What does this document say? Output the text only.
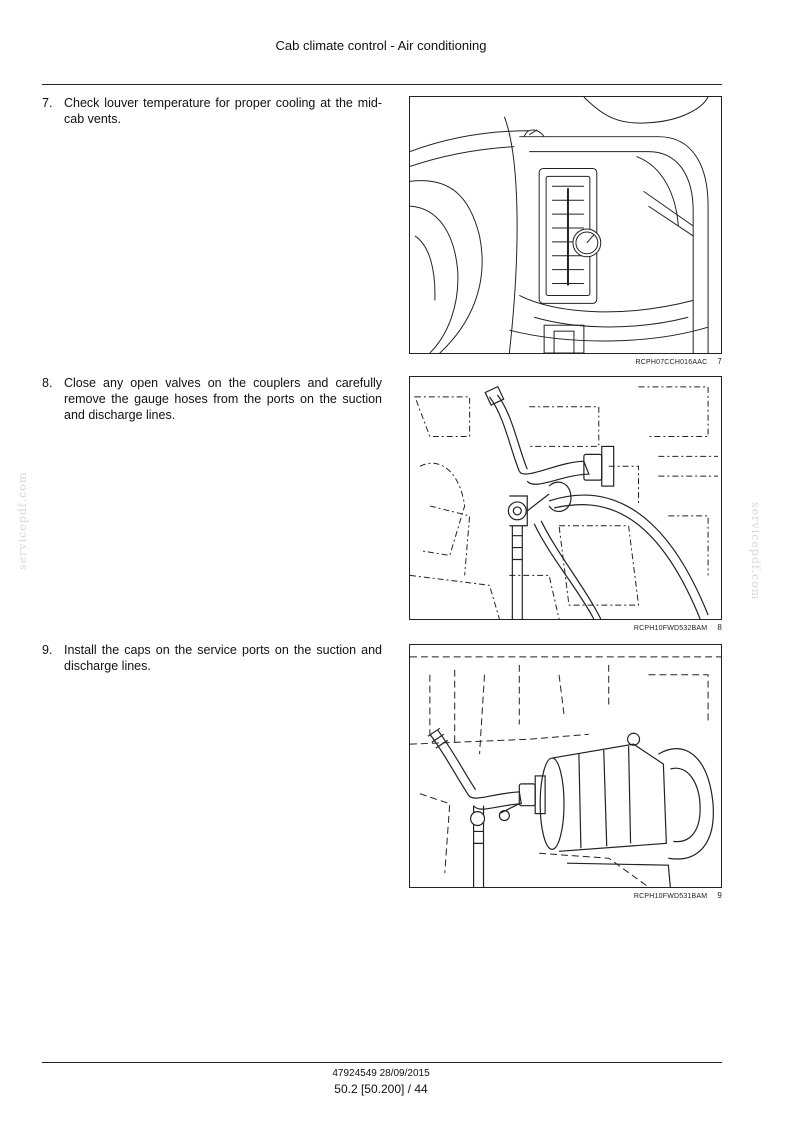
Cab climate control - Air conditioning
7. Check louver temperature for proper cooling at the mid-cab vents.
RCPH07CCH016AAC 7
8. Close any open valves on the couplers and carefully remove the gauge hoses from the ports on the suction and discharge lines.
RCPH10FWD532BAM 8
9. Install the caps on the service ports on the suction and discharge lines.
RCPH10FWD531BAM 9
servicepdf.com	servicepdf.com
47924549 28/09/2015
50.2 [50.200] / 44
